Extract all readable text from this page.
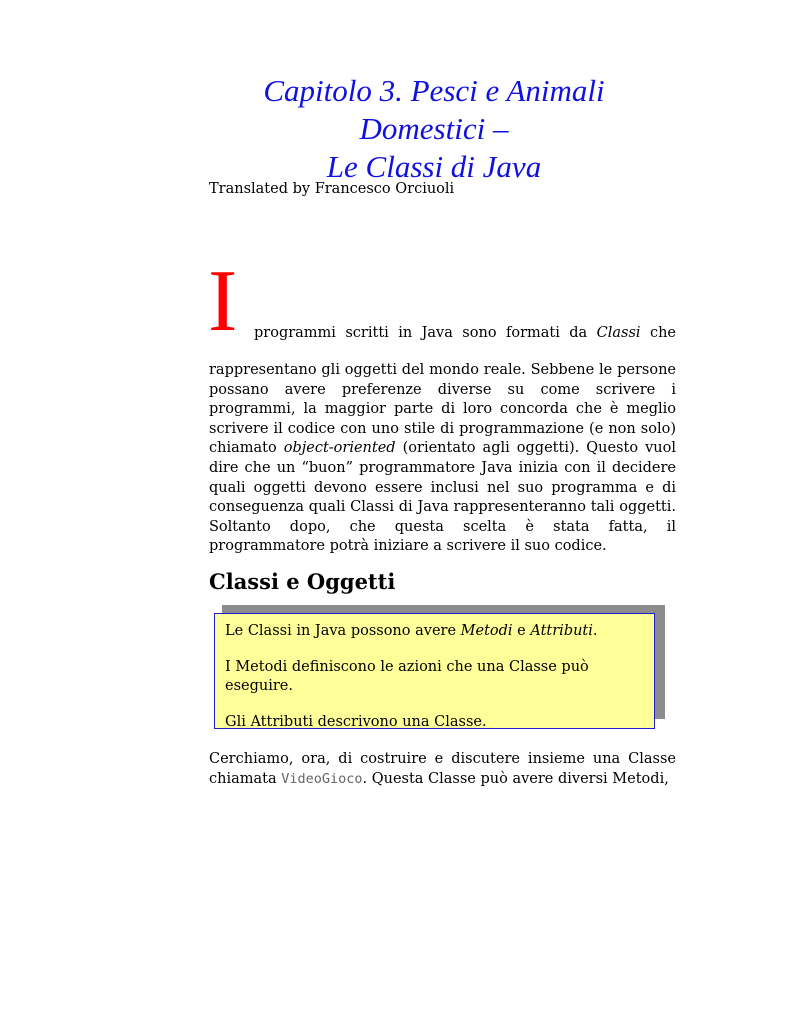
Capitolo 3. Pesci e Animali Domestici –
Le Classi di Java

Translated by Francesco Orciuoli

I programmi scritti in Java sono formati da Classi che

rappresentano gli oggetti del mondo reale. Sebbene le persone possano avere preferenze diverse su come scrivere i programmi, la maggior parte di loro concorda che è meglio scrivere il codice con uno stile di programmazione (e non solo) chiamato object-oriented (orientato agli oggetti). Questo vuol dire che un “buon” programmatore Java inizia con il decidere quali oggetti devono essere inclusi nel suo programma e di conseguenza quali Classi di Java rappresenteranno tali oggetti. Soltanto dopo, che questa scelta è stata fatta, il programmatore potrà iniziare a scrivere il suo codice.

Classi e Oggetti

Le Classi in Java possono avere Metodi e Attributi.

I Metodi definiscono le azioni che una Classe può eseguire.

Gli Attributi descrivono una Classe.

Cerchiamo, ora, di costruire e discutere insieme una Classe chiamata VideoGioco. Questa Classe può avere diversi Metodi,
